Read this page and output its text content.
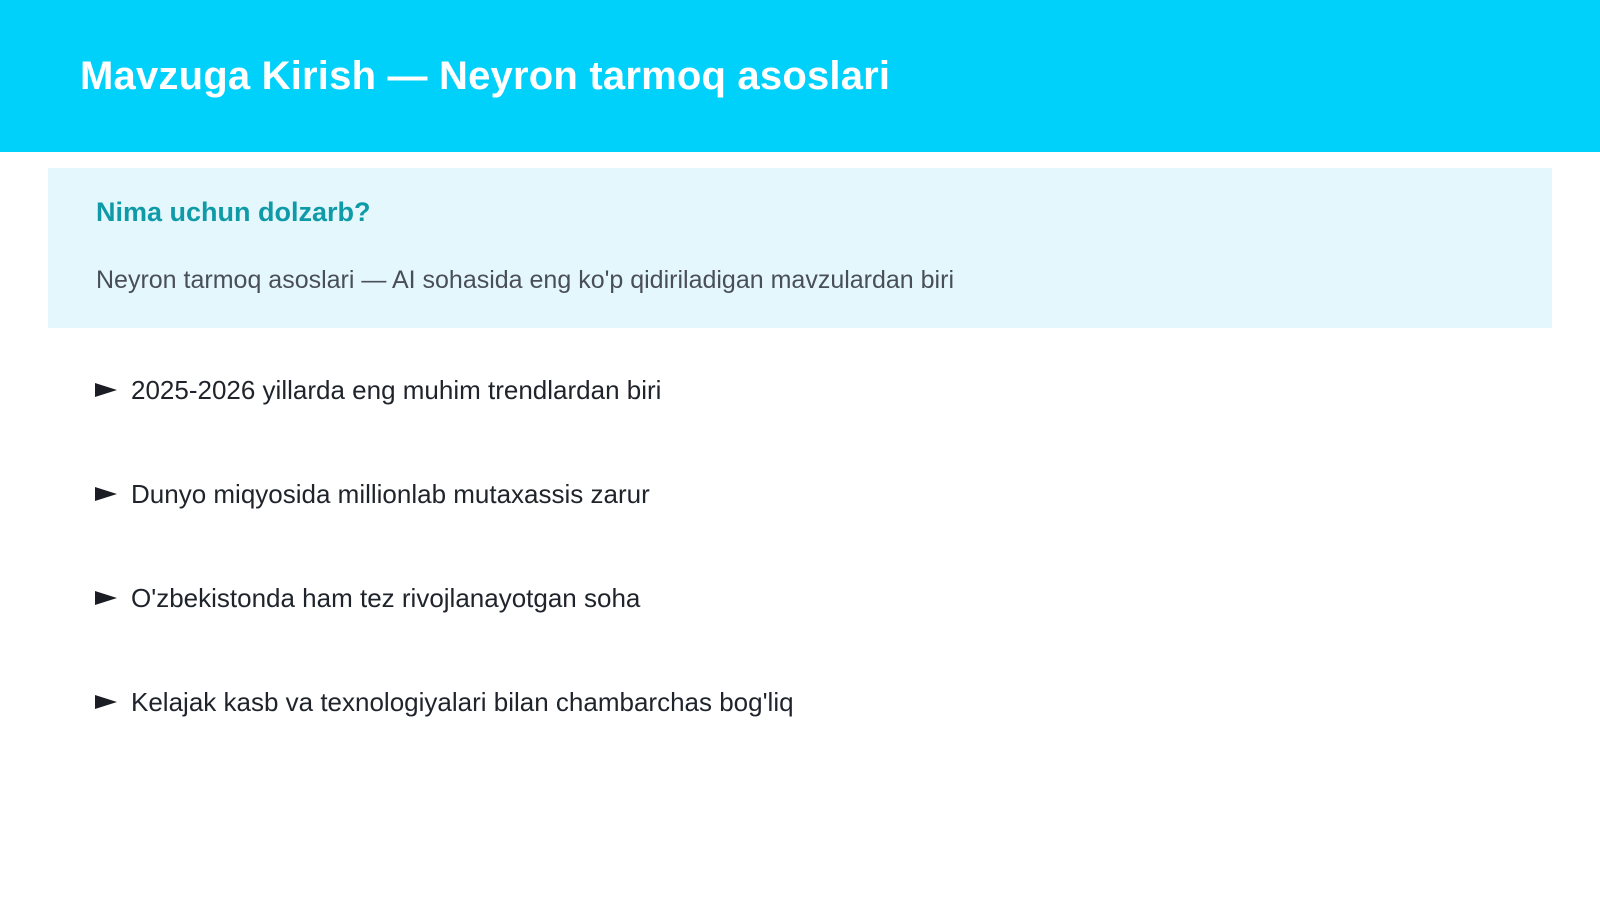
Mavzuga Kirish — Neyron tarmoq asoslari
Nima uchun dolzarb?

Neyron tarmoq asoslari — AI sohasida eng ko'p qidiriladigan mavzulardan biri

2025-2026 yillarda eng muhim trendlardan biri
Dunyo miqyosida millionlab mutaxassis zarur
O'zbekistonda ham tez rivojlanayotgan soha
Kelajak kasb va texnologiyalari bilan chambarchas bog'liq
